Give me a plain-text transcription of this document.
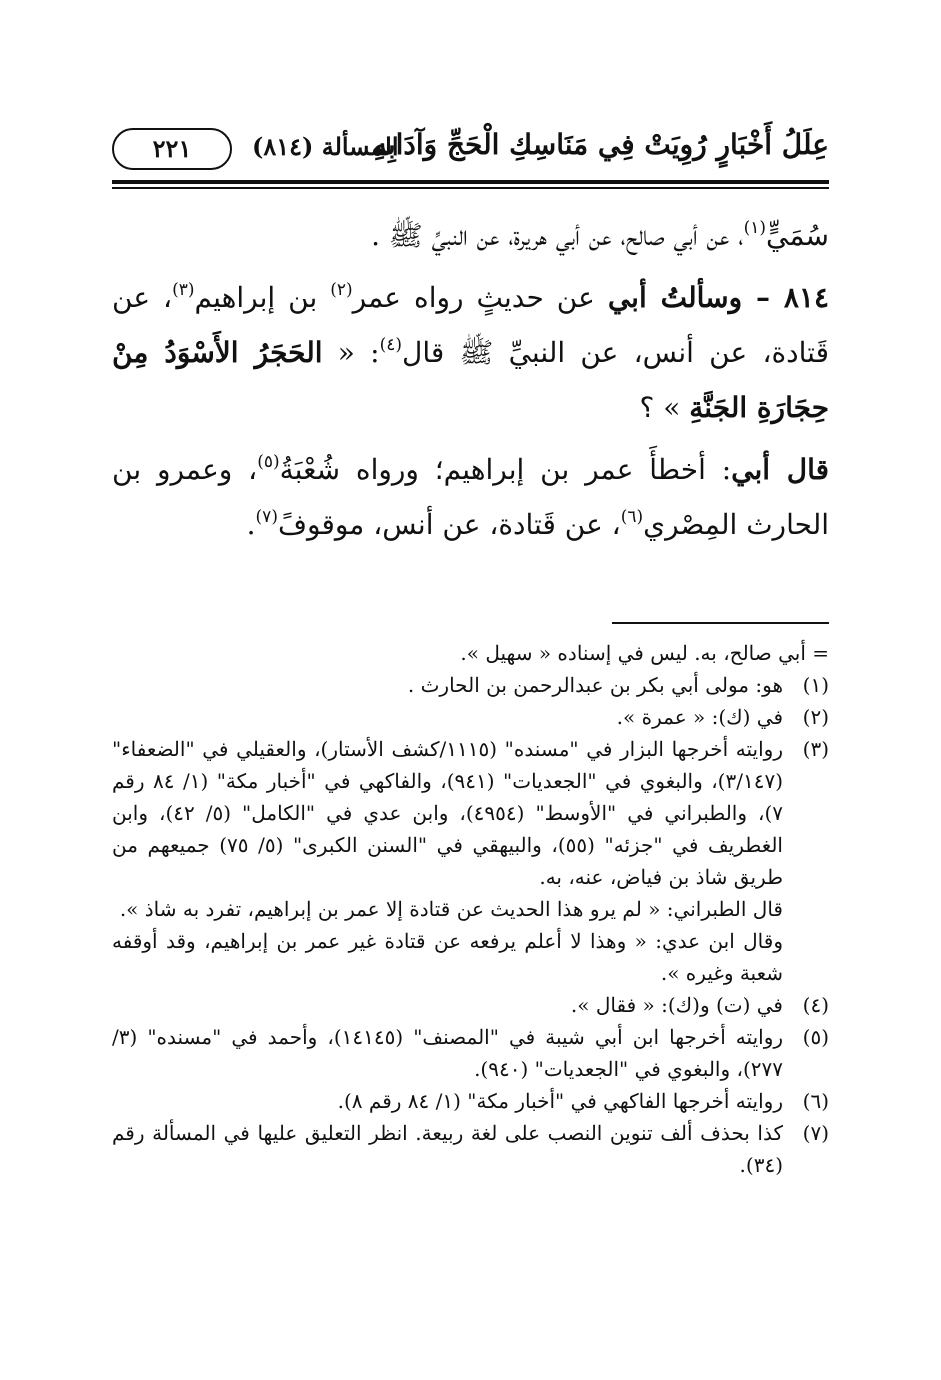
عِلَلُ أَخْبَارٍ رُوِيَتْ فِي مَنَاسِكِ الْحَجِّ وَآدَابِهِ
المسألة (٨١٤)
٢٢١

سُمَيٍّ$^{(١)}$، عن أبي صالح، عن أبي هريرة، عن النبيِّ ﷺ .

٨١٤ – وسألتُ أبي عن حديثٍ رواه عمر$^{(٢)}$ بن إبراهيم$^{(٣)}$، عن قَتادة، عن أنس، عن النبيِّ ﷺ قال$^{(٤)}$: « الحَجَرُ الأَسْوَدُ مِنْ حِجَارَةِ الجَنَّةِ » ؟

قال أبي: أخطأَ عمر بن إبراهيم؛ ورواه شُعْبَةُ$^{(٥)}$، وعمرو بن الحارث المِصْري$^{(٦)}$، عن قَتادة، عن أنس، موقوفً$^{(٧)}$.

= أبي صالح، به. ليس في إسناده « سهيل ».

(١)
هو: مولى أبي بكر بن عبدالرحمن بن الحارث .

(٢)
في (ك): « عمرة ».

(٣)
روايته أخرجها البزار في "مسنده" (١١١٥/كشف الأستار)، والعقيلي في "الضعفاء" (٣/١٤٧)، والبغوي في "الجعديات" (٩٤١)، والفاكهي في "أخبار مكة" (١/ ٨٤ رقم ٧)، والطبراني في "الأوسط" (٤٩٥٤)، وابن عدي في "الكامل" (٥/ ٤٢)، وابن الغطريف في "جزئه" (٥٥)، والبيهقي في "السنن الكبرى" (٥/ ٧٥) جميعهم من طريق شاذ بن فياض، عنه، به.

قال الطبراني: « لم يرو هذا الحديث عن قتادة إلا عمر بن إبراهيم، تفرد به شاذ ».

وقال ابن عدي: « وهذا لا أعلم يرفعه عن قتادة غير عمر بن إبراهيم، وقد أوقفه شعبة وغيره ».

(٤)
في (ت) و(ك): « فقال ».

(٥)
روايته أخرجها ابن أبي شيبة في "المصنف" (١٤١٤٥)، وأحمد في "مسنده" (٣/ ٢٧٧)، والبغوي في "الجعديات" (٩٤٠).

(٦)
روايته أخرجها الفاكهي في "أخبار مكة" (١/ ٨٤ رقم ٨).

(٧)
كذا بحذف ألف تنوين النصب على لغة ربيعة. انظر التعليق عليها في المسألة رقم (٣٤).
